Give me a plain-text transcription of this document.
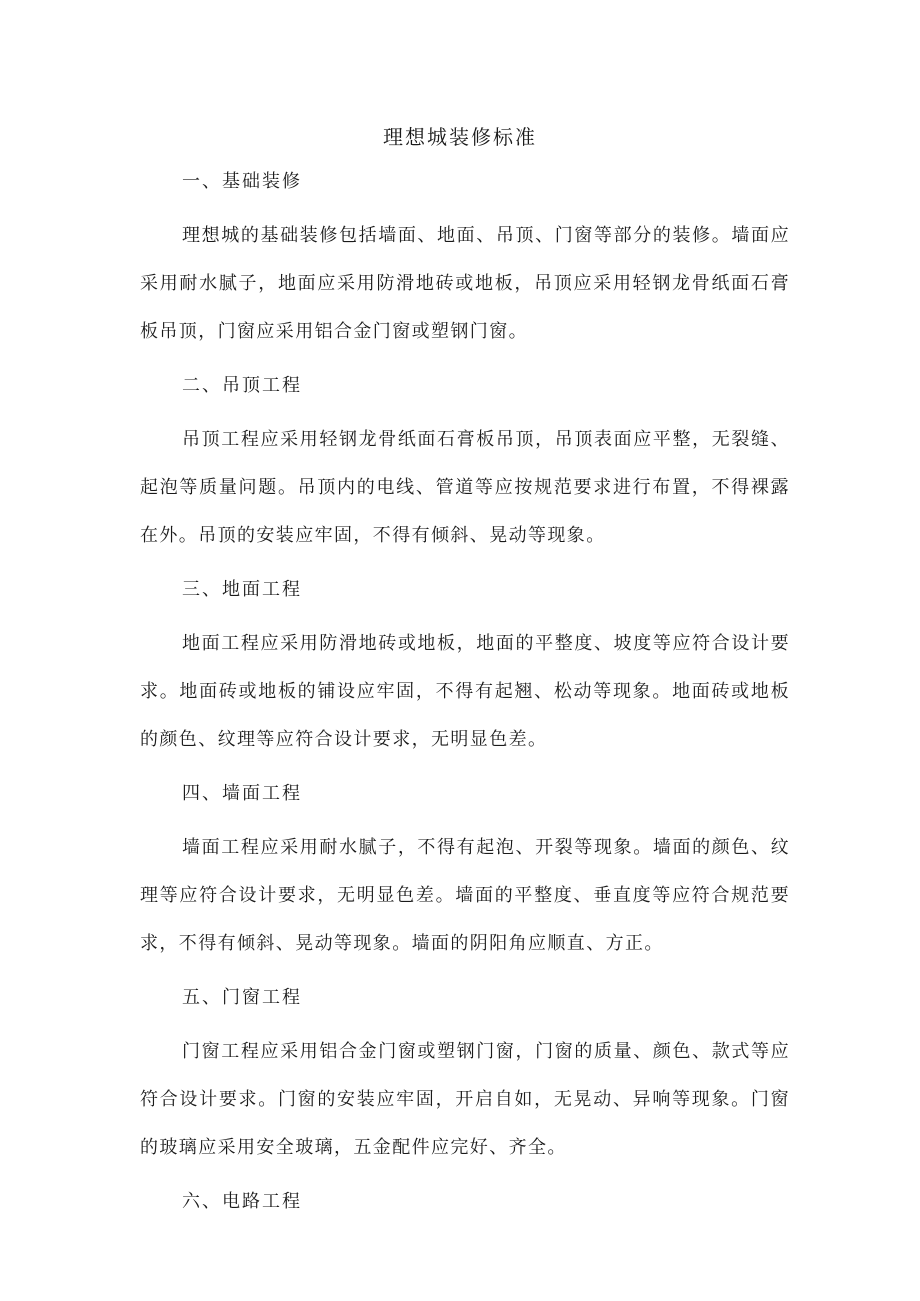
理想城装修标准
一、基础装修

理想城的基础装修包括墙面、地面、吊顶、门窗等部分的装修。墙面应采用耐水腻子，地面应采用防滑地砖或地板，吊顶应采用轻钢龙骨纸面石膏板吊顶，门窗应采用铝合金门窗或塑钢门窗。

二、吊顶工程

吊顶工程应采用轻钢龙骨纸面石膏板吊顶，吊顶表面应平整，无裂缝、起泡等质量问题。吊顶内的电线、管道等应按规范要求进行布置，不得裸露在外。吊顶的安装应牢固，不得有倾斜、晃动等现象。

三、地面工程

地面工程应采用防滑地砖或地板，地面的平整度、坡度等应符合设计要求。地面砖或地板的铺设应牢固，不得有起翘、松动等现象。地面砖或地板的颜色、纹理等应符合设计要求，无明显色差。

四、墙面工程

墙面工程应采用耐水腻子，不得有起泡、开裂等现象。墙面的颜色、纹理等应符合设计要求，无明显色差。墙面的平整度、垂直度等应符合规范要求，不得有倾斜、晃动等现象。墙面的阴阳角应顺直、方正。

五、门窗工程

门窗工程应采用铝合金门窗或塑钢门窗，门窗的质量、颜色、款式等应符合设计要求。门窗的安装应牢固，开启自如，无晃动、异响等现象。门窗的玻璃应采用安全玻璃，五金配件应完好、齐全。

六、电路工程
